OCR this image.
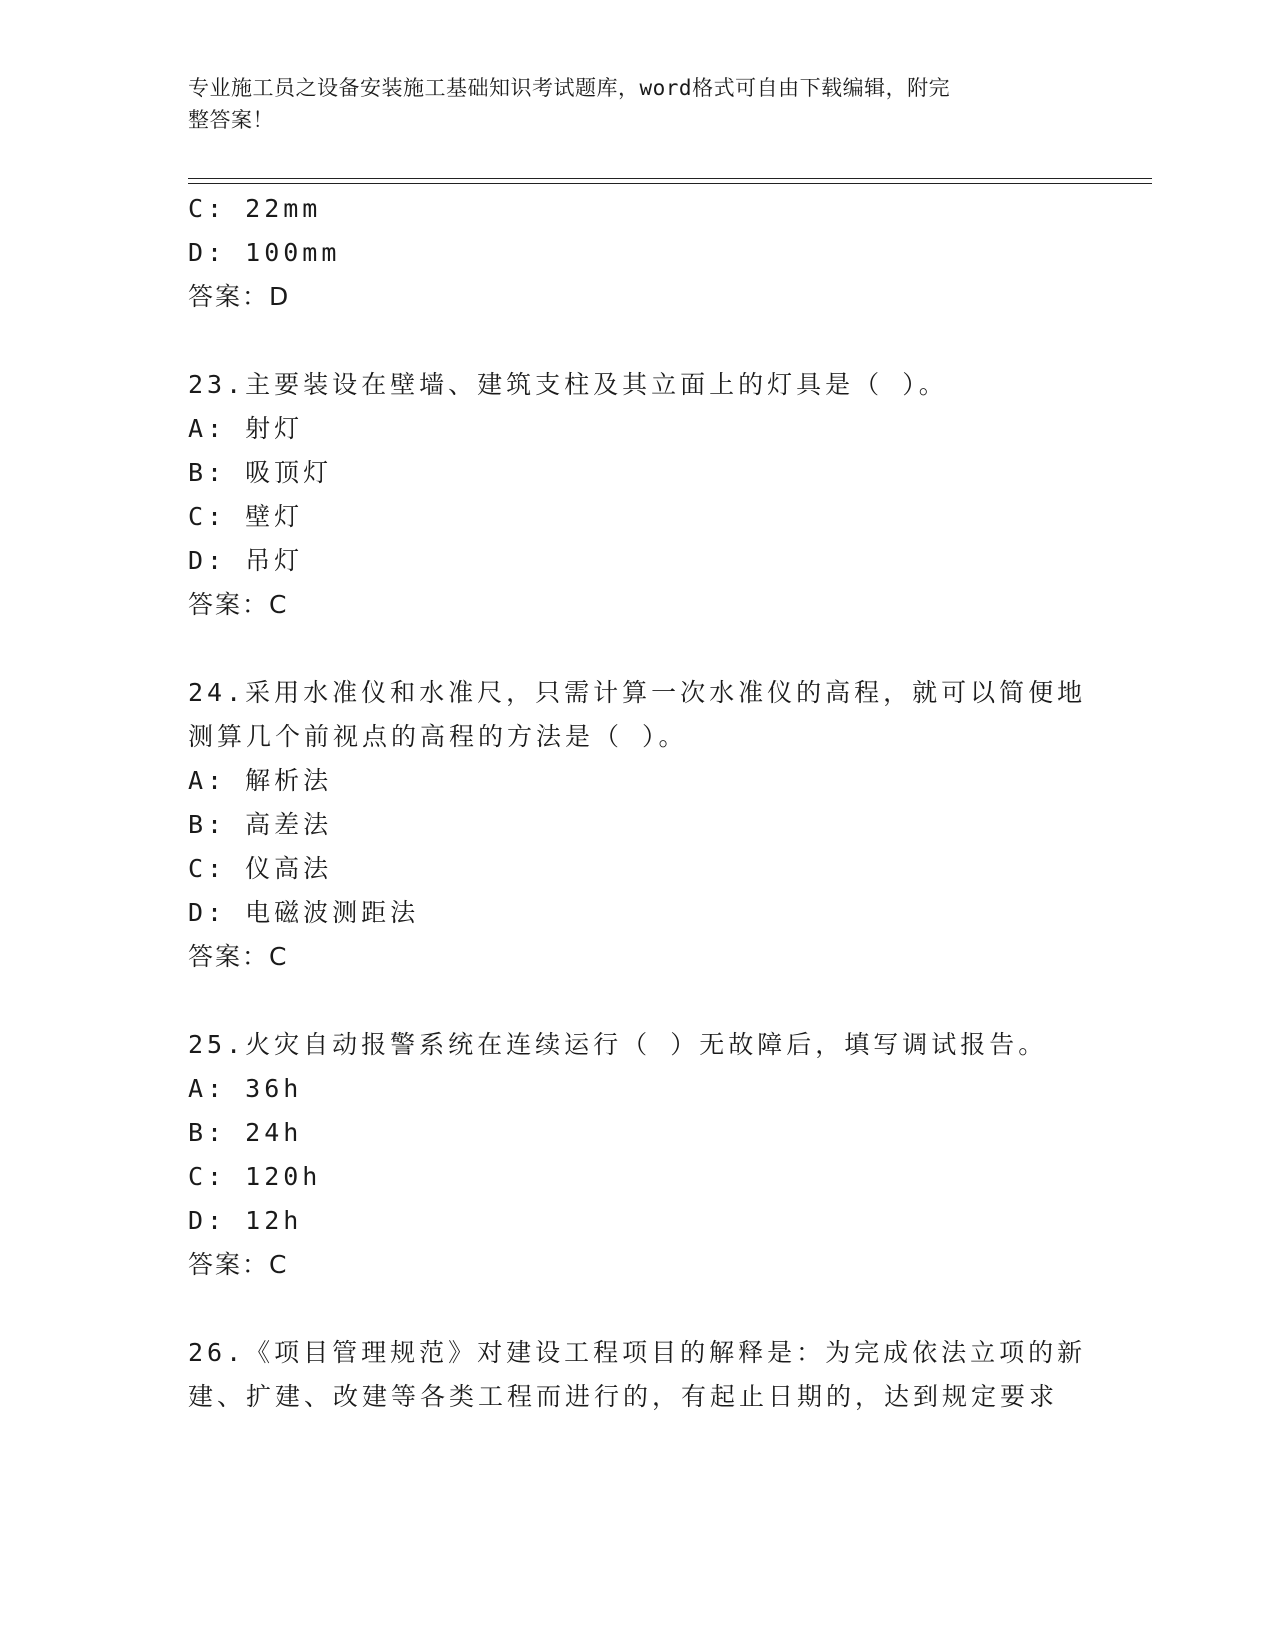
专业施工员之设备安装施工基础知识考试题库，word格式可自由下载编辑，附完
整答案！
C: 22mm
D: 100mm
答案：D
23.主要装设在壁墙、建筑支柱及其立面上的灯具是（ ）。
A: 射灯
B: 吸顶灯
C: 壁灯
D: 吊灯
答案：C
24.采用水准仪和水准尺，只需计算一次水准仪的高程，就可以简便地
测算几个前视点的高程的方法是（ ）。
A: 解析法
B: 高差法
C: 仪高法
D: 电磁波测距法
答案：C
25.火灾自动报警系统在连续运行（ ）无故障后，填写调试报告。
A: 36h
B: 24h
C: 120h
D: 12h
答案：C
26.《项目管理规范》对建设工程项目的解释是：为完成依法立项的新
建、扩建、改建等各类工程而进行的，有起止日期的，达到规定要求
